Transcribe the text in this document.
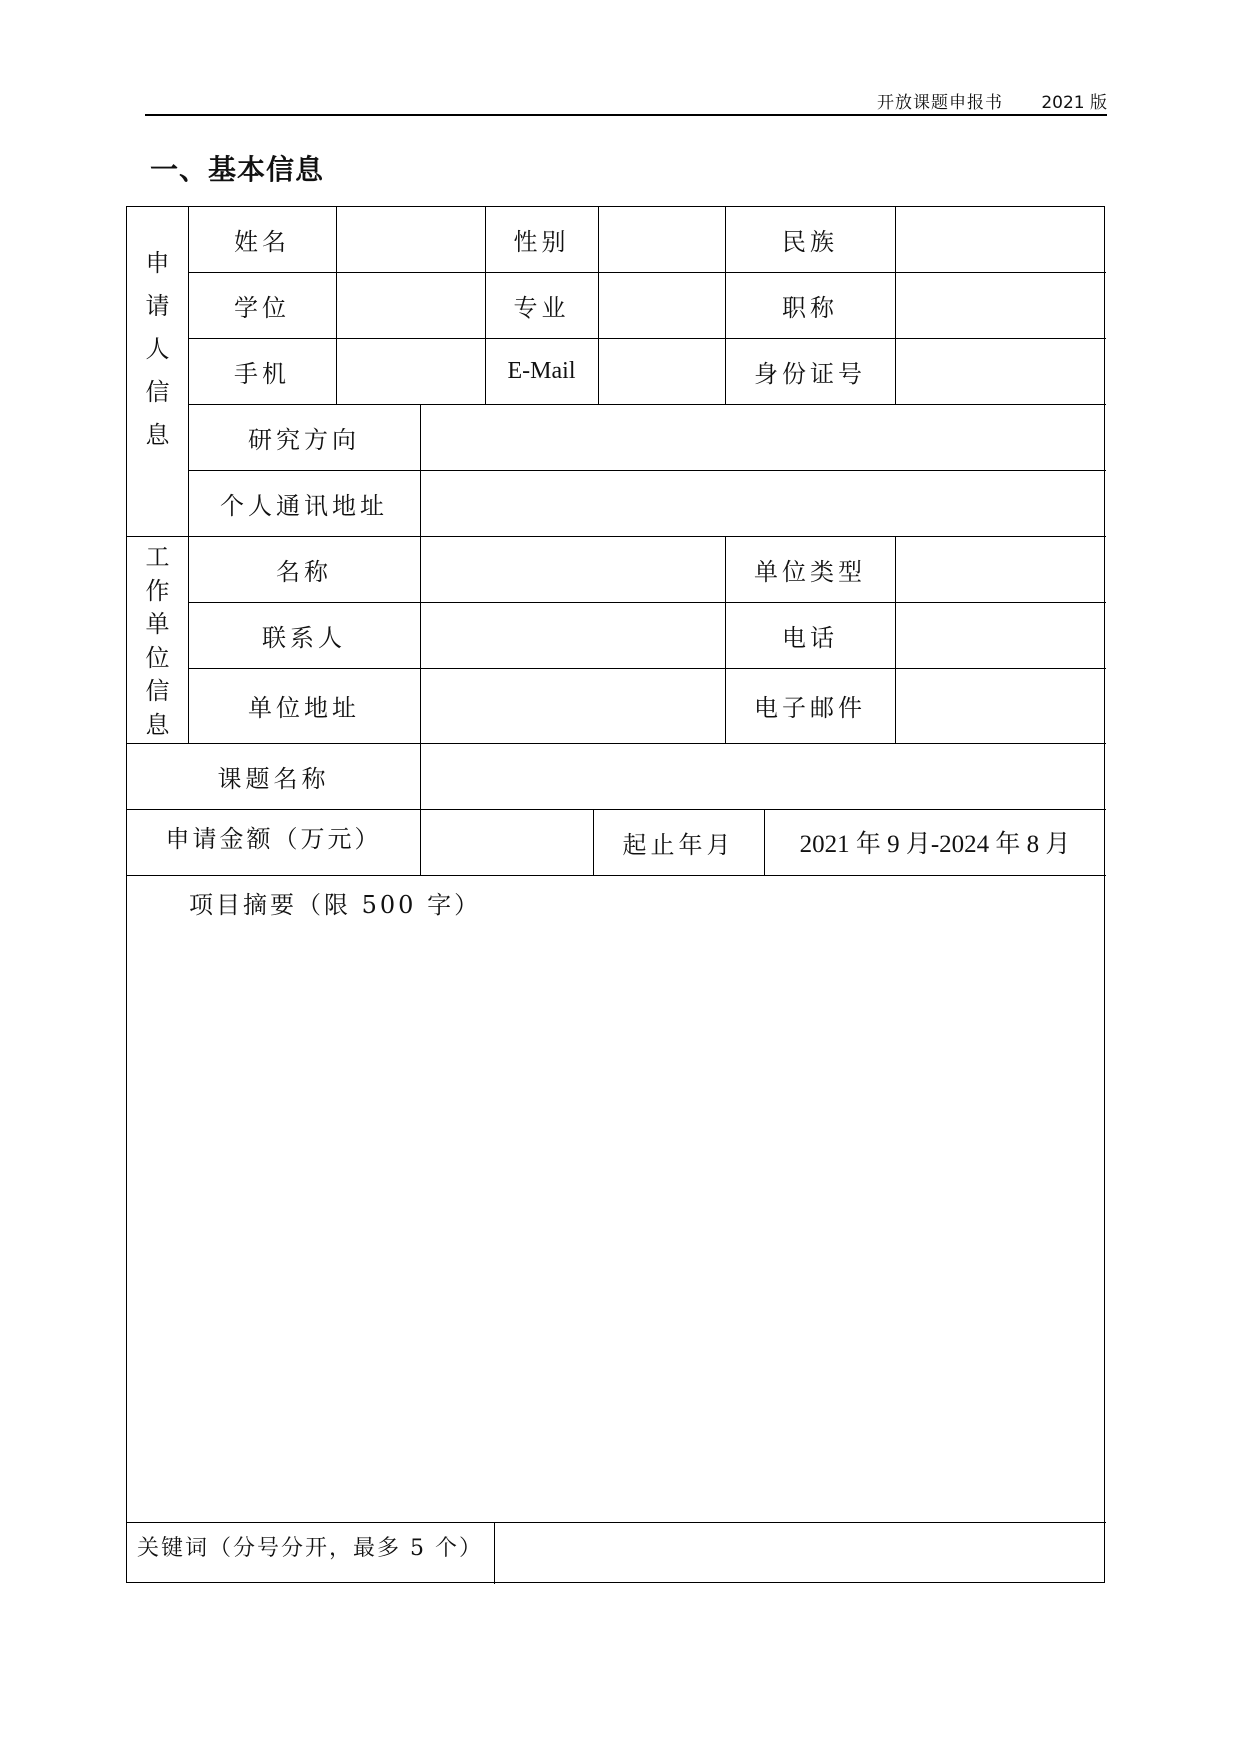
开放课题申报书 2021 版
一、基本信息
申
请
人
信
息
姓名	性别	民族
学位	专业	职称
手机	E-Mail	身份证号
研究方向
个人通讯地址
工
作
单
位
信
息
名称	单位类型
联系人	电话
单位地址	电子邮件
课题名称
申请金额（万元）	起止年月	2021 年 9 月-2024 年 8 月
项目摘要（限 500 字）
关键词（分号分开，最多 5 个）
